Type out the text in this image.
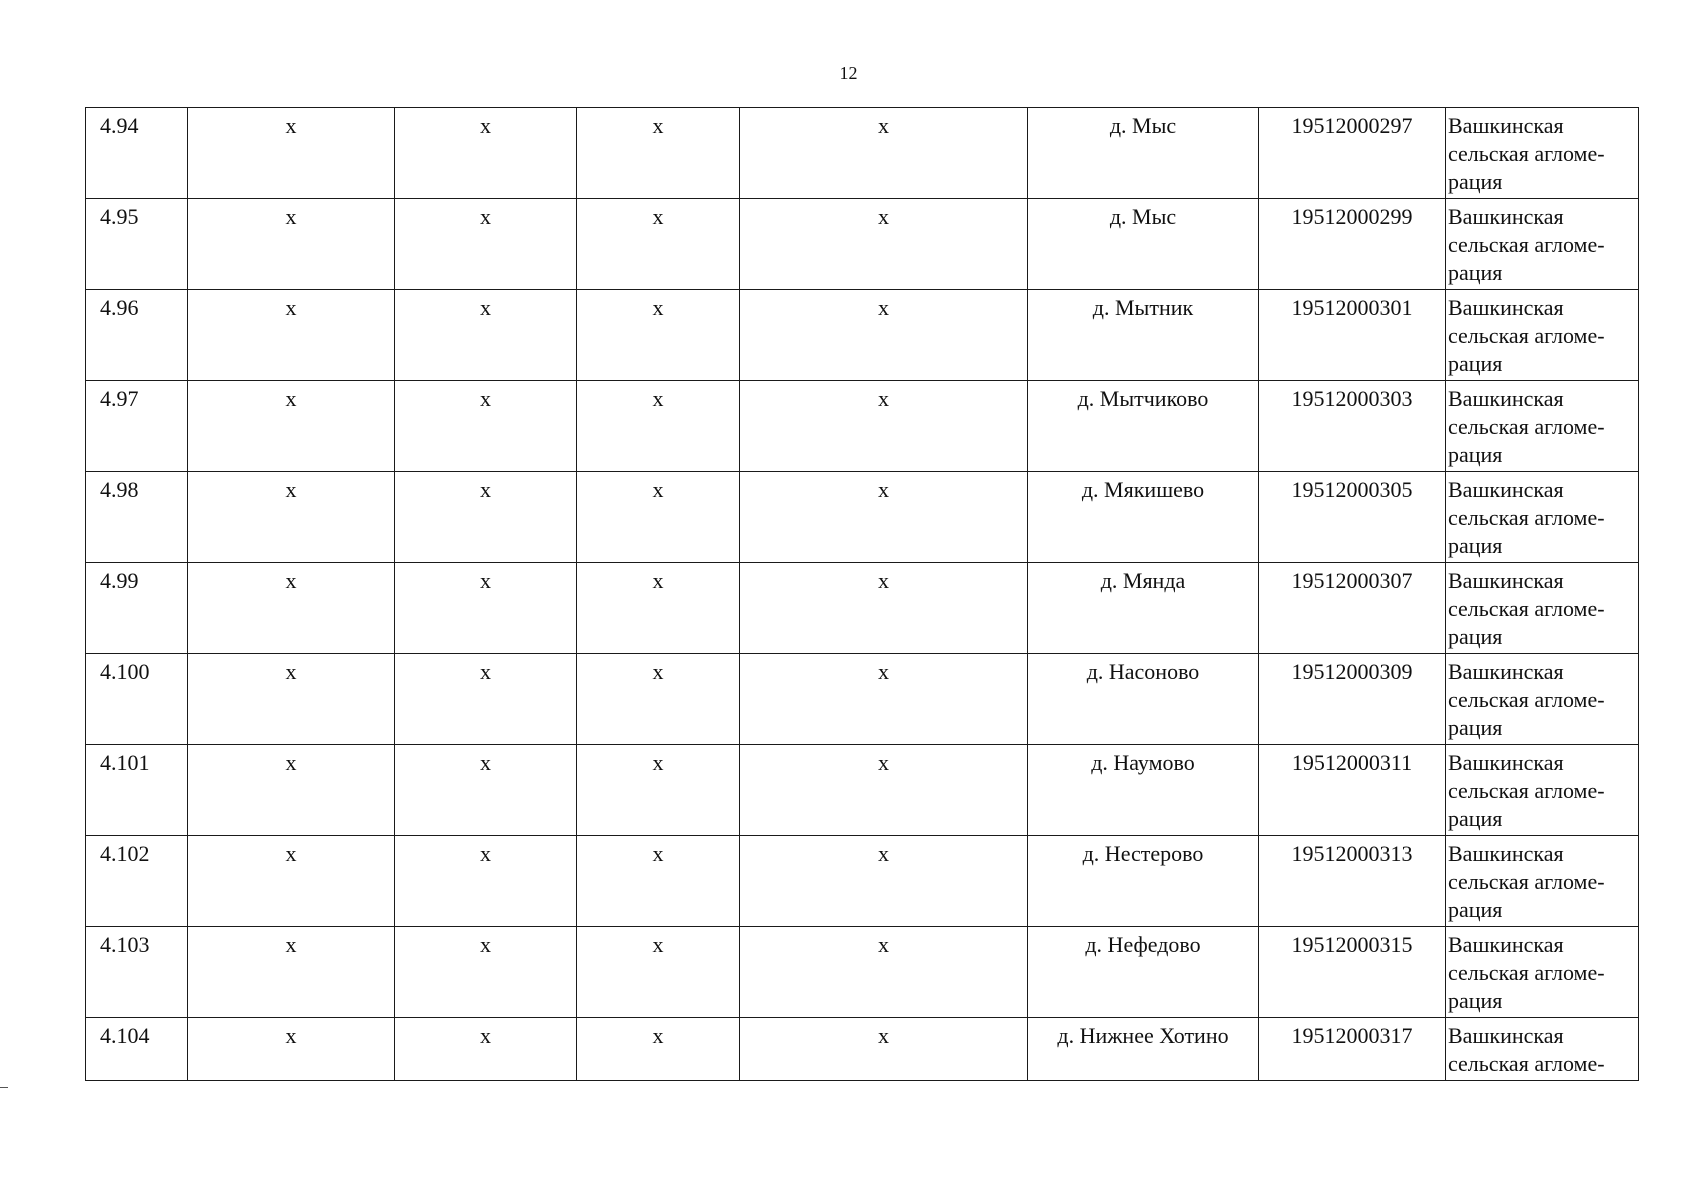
12
4.94	х	х	х	х	д. Мыс	19512000297	Вашкинская
сельская агломе-
рация

4.95	х	х	х	х	д. Мыс	19512000299	Вашкинская
сельская агломе-
рация

4.96	х	х	х	х	д. Мытник	19512000301	Вашкинская
сельская агломе-
рация

4.97	х	х	х	х	д. Мытчиково	19512000303	Вашкинская
сельская агломе-
рация

4.98	х	х	х	х	д. Мякишево	19512000305	Вашкинская
сельская агломе-
рация

4.99	х	х	х	х	д. Мянда	19512000307	Вашкинская
сельская агломе-
рация

4.100	х	х	х	х	д. Насоново	19512000309	Вашкинская
сельская агломе-
рация

4.101	х	х	х	х	д. Наумово	19512000311	Вашкинская
сельская агломе-
рация

4.102	х	х	х	х	д. Нестерово	19512000313	Вашкинская
сельская агломе-
рация

4.103	х	х	х	х	д. Нефедово	19512000315	Вашкинская
сельская агломе-
рация

4.104	х	х	х	х	д. Нижнее Хотино	19512000317	Вашкинская
сельская агломе-
